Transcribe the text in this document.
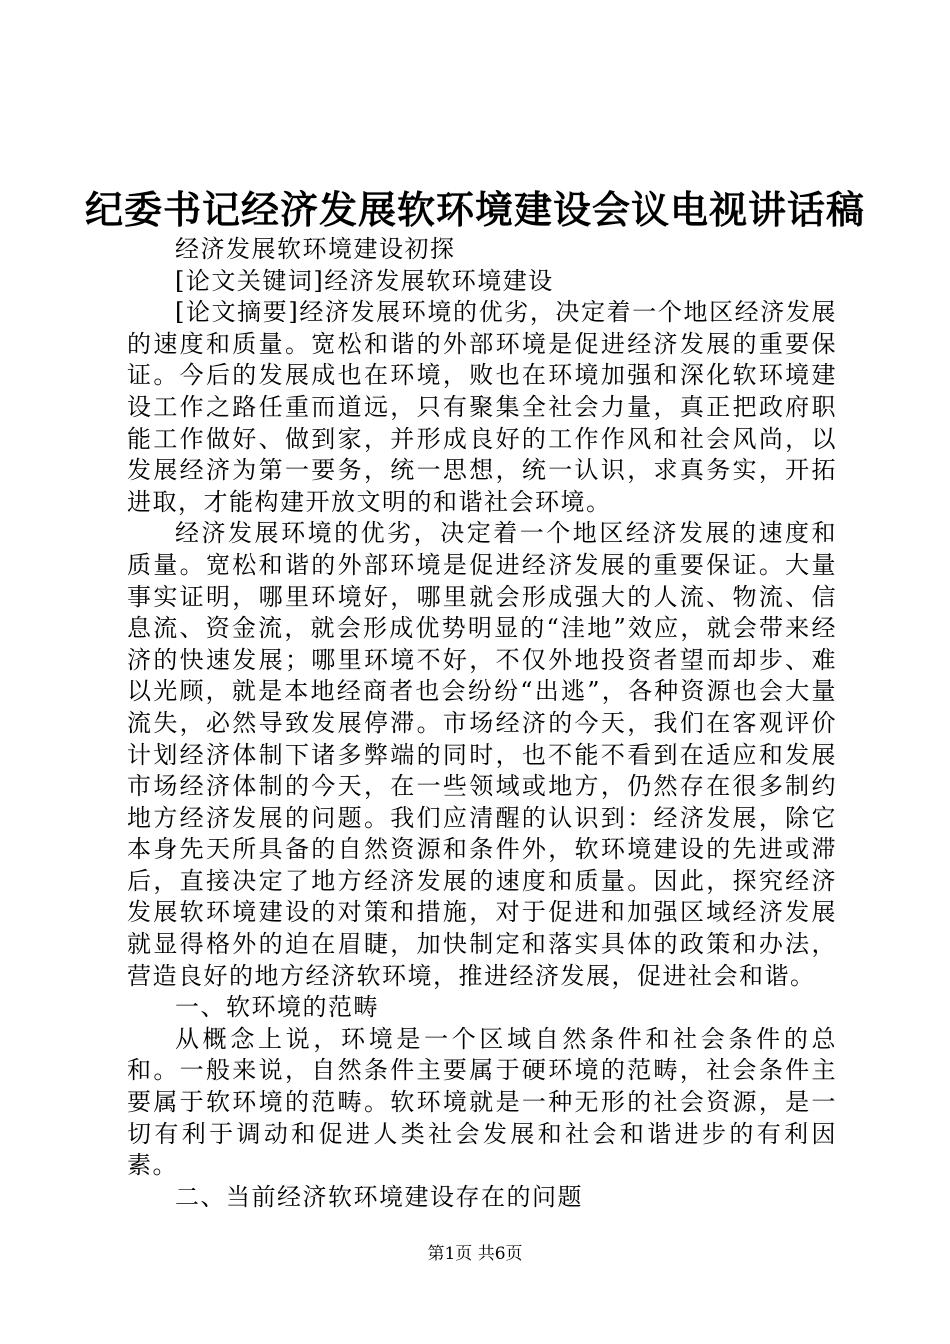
纪委书记经济发展软环境建设会议电视讲话稿

经济发展软环境建设初探

[论文关键词]经济发展软环境建设

[论文摘要]经济发展环境的优劣，决定着一个地区经济发展的速度和质量。宽松和谐的外部环境是促进经济发展的重要保证。今后的发展成也在环境，败也在环境加强和深化软环境建设工作之路任重而道远，只有聚集全社会力量，真正把政府职能工作做好、做到家，并形成良好的工作作风和社会风尚，以发展经济为第一要务，统一思想，统一认识，求真务实，开拓进取，才能构建开放文明的和谐社会环境。

经济发展环境的优劣，决定着一个地区经济发展的速度和质量。宽松和谐的外部环境是促进经济发展的重要保证。大量事实证明，哪里环境好，哪里就会形成强大的人流、物流、信息流、资金流，就会形成优势明显的“洼地”效应，就会带来经济的快速发展；哪里环境不好，不仅外地投资者望而却步、难以光顾，就是本地经商者也会纷纷“出逃”，各种资源也会大量流失，必然导致发展停滞。市场经济的今天，我们在客观评价计划经济体制下诸多弊端的同时，也不能不看到在适应和发展市场经济体制的今天，在一些领域或地方，仍然存在很多制约地方经济发展的问题。我们应清醒的认识到：经济发展，除它本身先天所具备的自然资源和条件外，软环境建设的先进或滞后，直接决定了地方经济发展的速度和质量。因此，探究经济发展软环境建设的对策和措施，对于促进和加强区域经济发展就显得格外的迫在眉睫，加快制定和落实具体的政策和办法，营造良好的地方经济软环境，推进经济发展，促进社会和谐。

一、软环境的范畴

从概念上说，环境是一个区域自然条件和社会条件的总和。一般来说，自然条件主要属于硬环境的范畴，社会条件主要属于软环境的范畴。软环境就是一种无形的社会资源，是一切有利于调动和促进人类社会发展和社会和谐进步的有利因素。

二、当前经济软环境建设存在的问题

第1页 共6页
